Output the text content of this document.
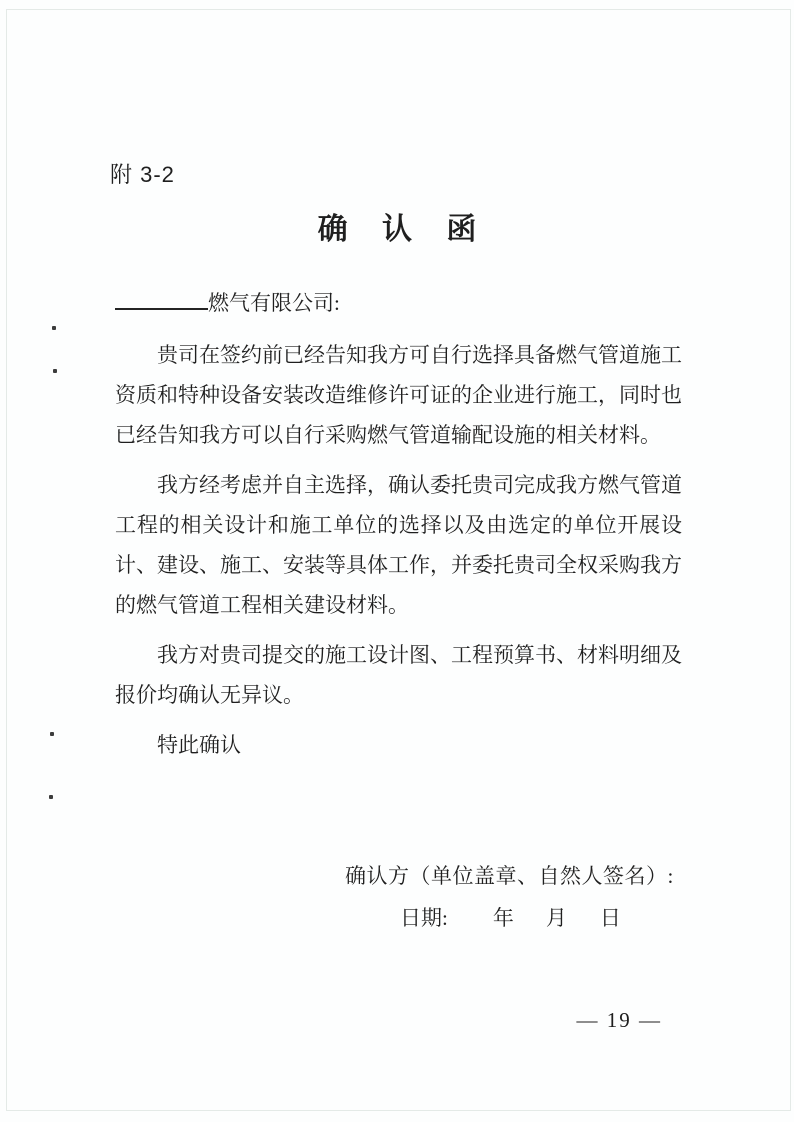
附 3-2
确 认 函
燃气有限公司:

贵司在签约前已经告知我方可自行选择具备燃气管道施工资质和特种设备安装改造维修许可证的企业进行施工，同时也已经告知我方可以自行采购燃气管道输配设施的相关材料。

我方经考虑并自主选择，确认委托贵司完成我方燃气管道工程的相关设计和施工单位的选择以及由选定的单位开展设计、建设、施工、安装等具体工作，并委托贵司全权采购我方的燃气管道工程相关建设材料。

我方对贵司提交的施工设计图、工程预算书、材料明细及报价均确认无异议。

特此确认

确认方（单位盖章、自然人签名）:
日期: 年 月 日
— 19 —
